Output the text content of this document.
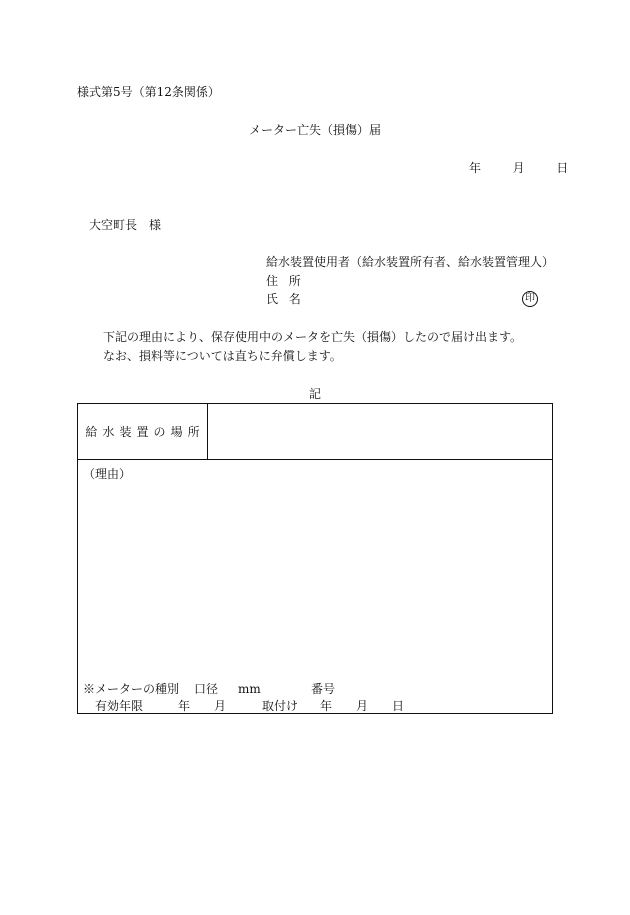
様式第5号（第12条関係）
メーター亡失（損傷）届
年	月	日
大空町長　様
給水装置使用者（給水装置所有者、給水装置管理人）
住所
氏名	印
下記の理由により、保存使用中のメータを亡失（損傷）したので届け出ます。
なお、損料等については直ちに弁償します。
記
給水装置の場所
（理由）
※メーターの種別 口径 mm	番号
有効年限	年 月	取付け 年 月 日
